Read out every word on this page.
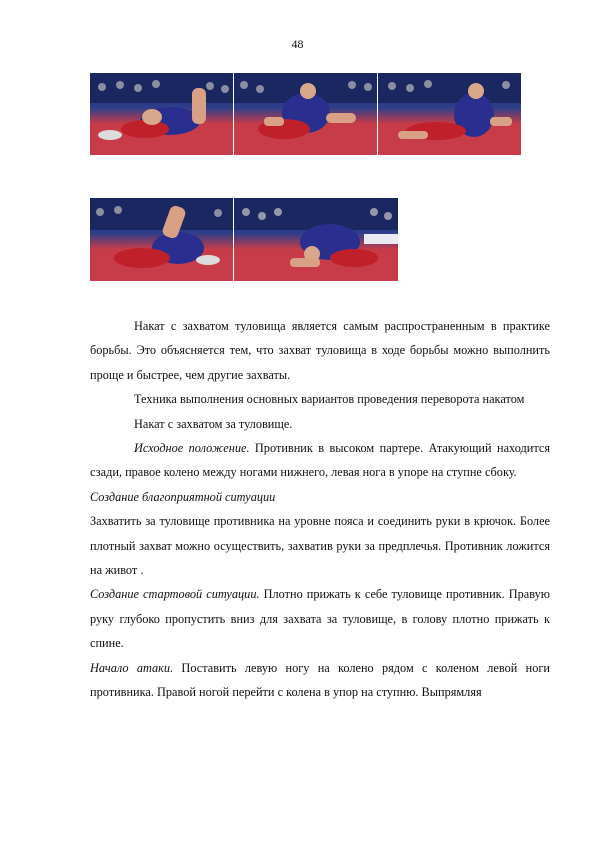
48

Накат с захватом туловища является самым распространенным в практике борьбы. Это объясняется тем, что захват туловища в ходе борьбы можно выполнить проще и быстрее, чем другие захваты.

Техника выполнения основных вариантов проведения переворота накатом

Накат с захватом за туловище.

Исходное положение. Противник в высоком партере. Атакующий находится сзади, правое колено между ногами нижнего, левая нога в упоре на ступне сбоку.

Создание благоприятной ситуации

Захватить за туловище противника на уровне пояса и соединить руки в крючок. Более плотный захват можно осуществить, захватив руки за предплечья. Противник ложится на живот .

Создание стартовой ситуации. Плотно прижать к себе туловище противник. Правую руку глубоко пропустить вниз для захвата за туловище, в голову плотно прижать к спине.

Начало атаки. Поставить левую ногу на колено рядом с коленом левой ноги противника. Правой ногой перейти с колена в упор на ступню. Выпрямляя
